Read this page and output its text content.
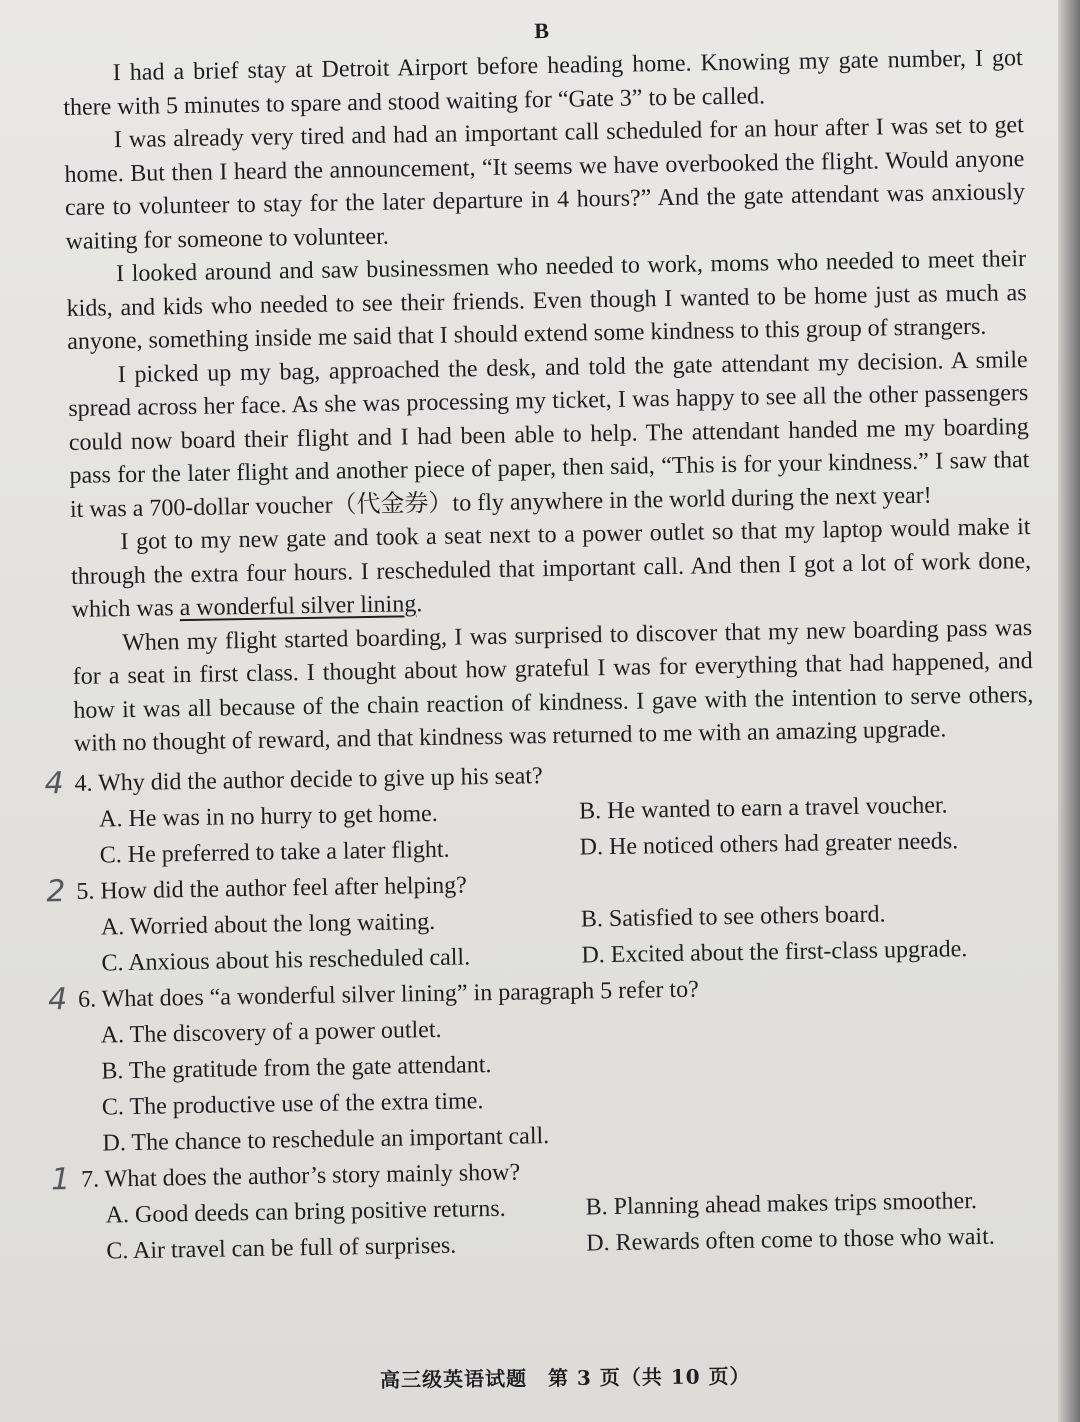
B

I had a brief stay at Detroit Airport before heading home. Knowing my gate number, I got there with 5 minutes to spare and stood waiting for “Gate 3” to be called.

I was already very tired and had an important call scheduled for an hour after I was set to get home. But then I heard the announcement, “It seems we have overbooked the flight. Would anyone care to volunteer to stay for the later departure in 4 hours?” And the gate attendant was anxiously waiting for someone to volunteer.

I looked around and saw businessmen who needed to work, moms who needed to meet their kids, and kids who needed to see their friends. Even though I wanted to be home just as much as anyone, something inside me said that I should extend some kindness to this group of strangers.

I picked up my bag, approached the desk, and told the gate attendant my decision. A smile spread across her face. As she was processing my ticket, I was happy to see all the other passengers could now board their flight and I had been able to help. The attendant handed me my boarding pass for the later flight and another piece of paper, then said, “This is for your kindness.” I saw that it was a 700-dollar voucher（代金券）to fly anywhere in the world during the next year!

I got to my new gate and took a seat next to a power outlet so that my laptop would make it through the extra four hours. I rescheduled that important call. And then I got a lot of work done, which was a wonderful silver lining.

When my flight started boarding, I was surprised to discover that my new boarding pass was for a seat in first class. I thought about how grateful I was for everything that had happened, and how it was all because of the chain reaction of kindness. I gave with the intention to serve others, with no thought of reward, and that kindness was returned to me with an amazing upgrade.

4 4. Why did the author decide to give up his seat?

A. He was in no hurry to get home.	B. He wanted to earn a travel voucher.
C. He preferred to take a later flight.	D. He noticed others had greater needs.

2 5. How did the author feel after helping?

A. Worried about the long waiting.	B. Satisfied to see others board.
C. Anxious about his rescheduled call.	D. Excited about the first-class upgrade.

4 6. What does “a wonderful silver lining” in paragraph 5 refer to?

A. The discovery of a power outlet.
B. The gratitude from the gate attendant.
C. The productive use of the extra time.
D. The chance to reschedule an important call.

1 7. What does the author’s story mainly show?

A. Good deeds can bring positive returns.	B. Planning ahead makes trips smoother.
C. Air travel can be full of surprises.	D. Rewards often come to those who wait.
高三级英语试题　第 3 页（共 10 页）
